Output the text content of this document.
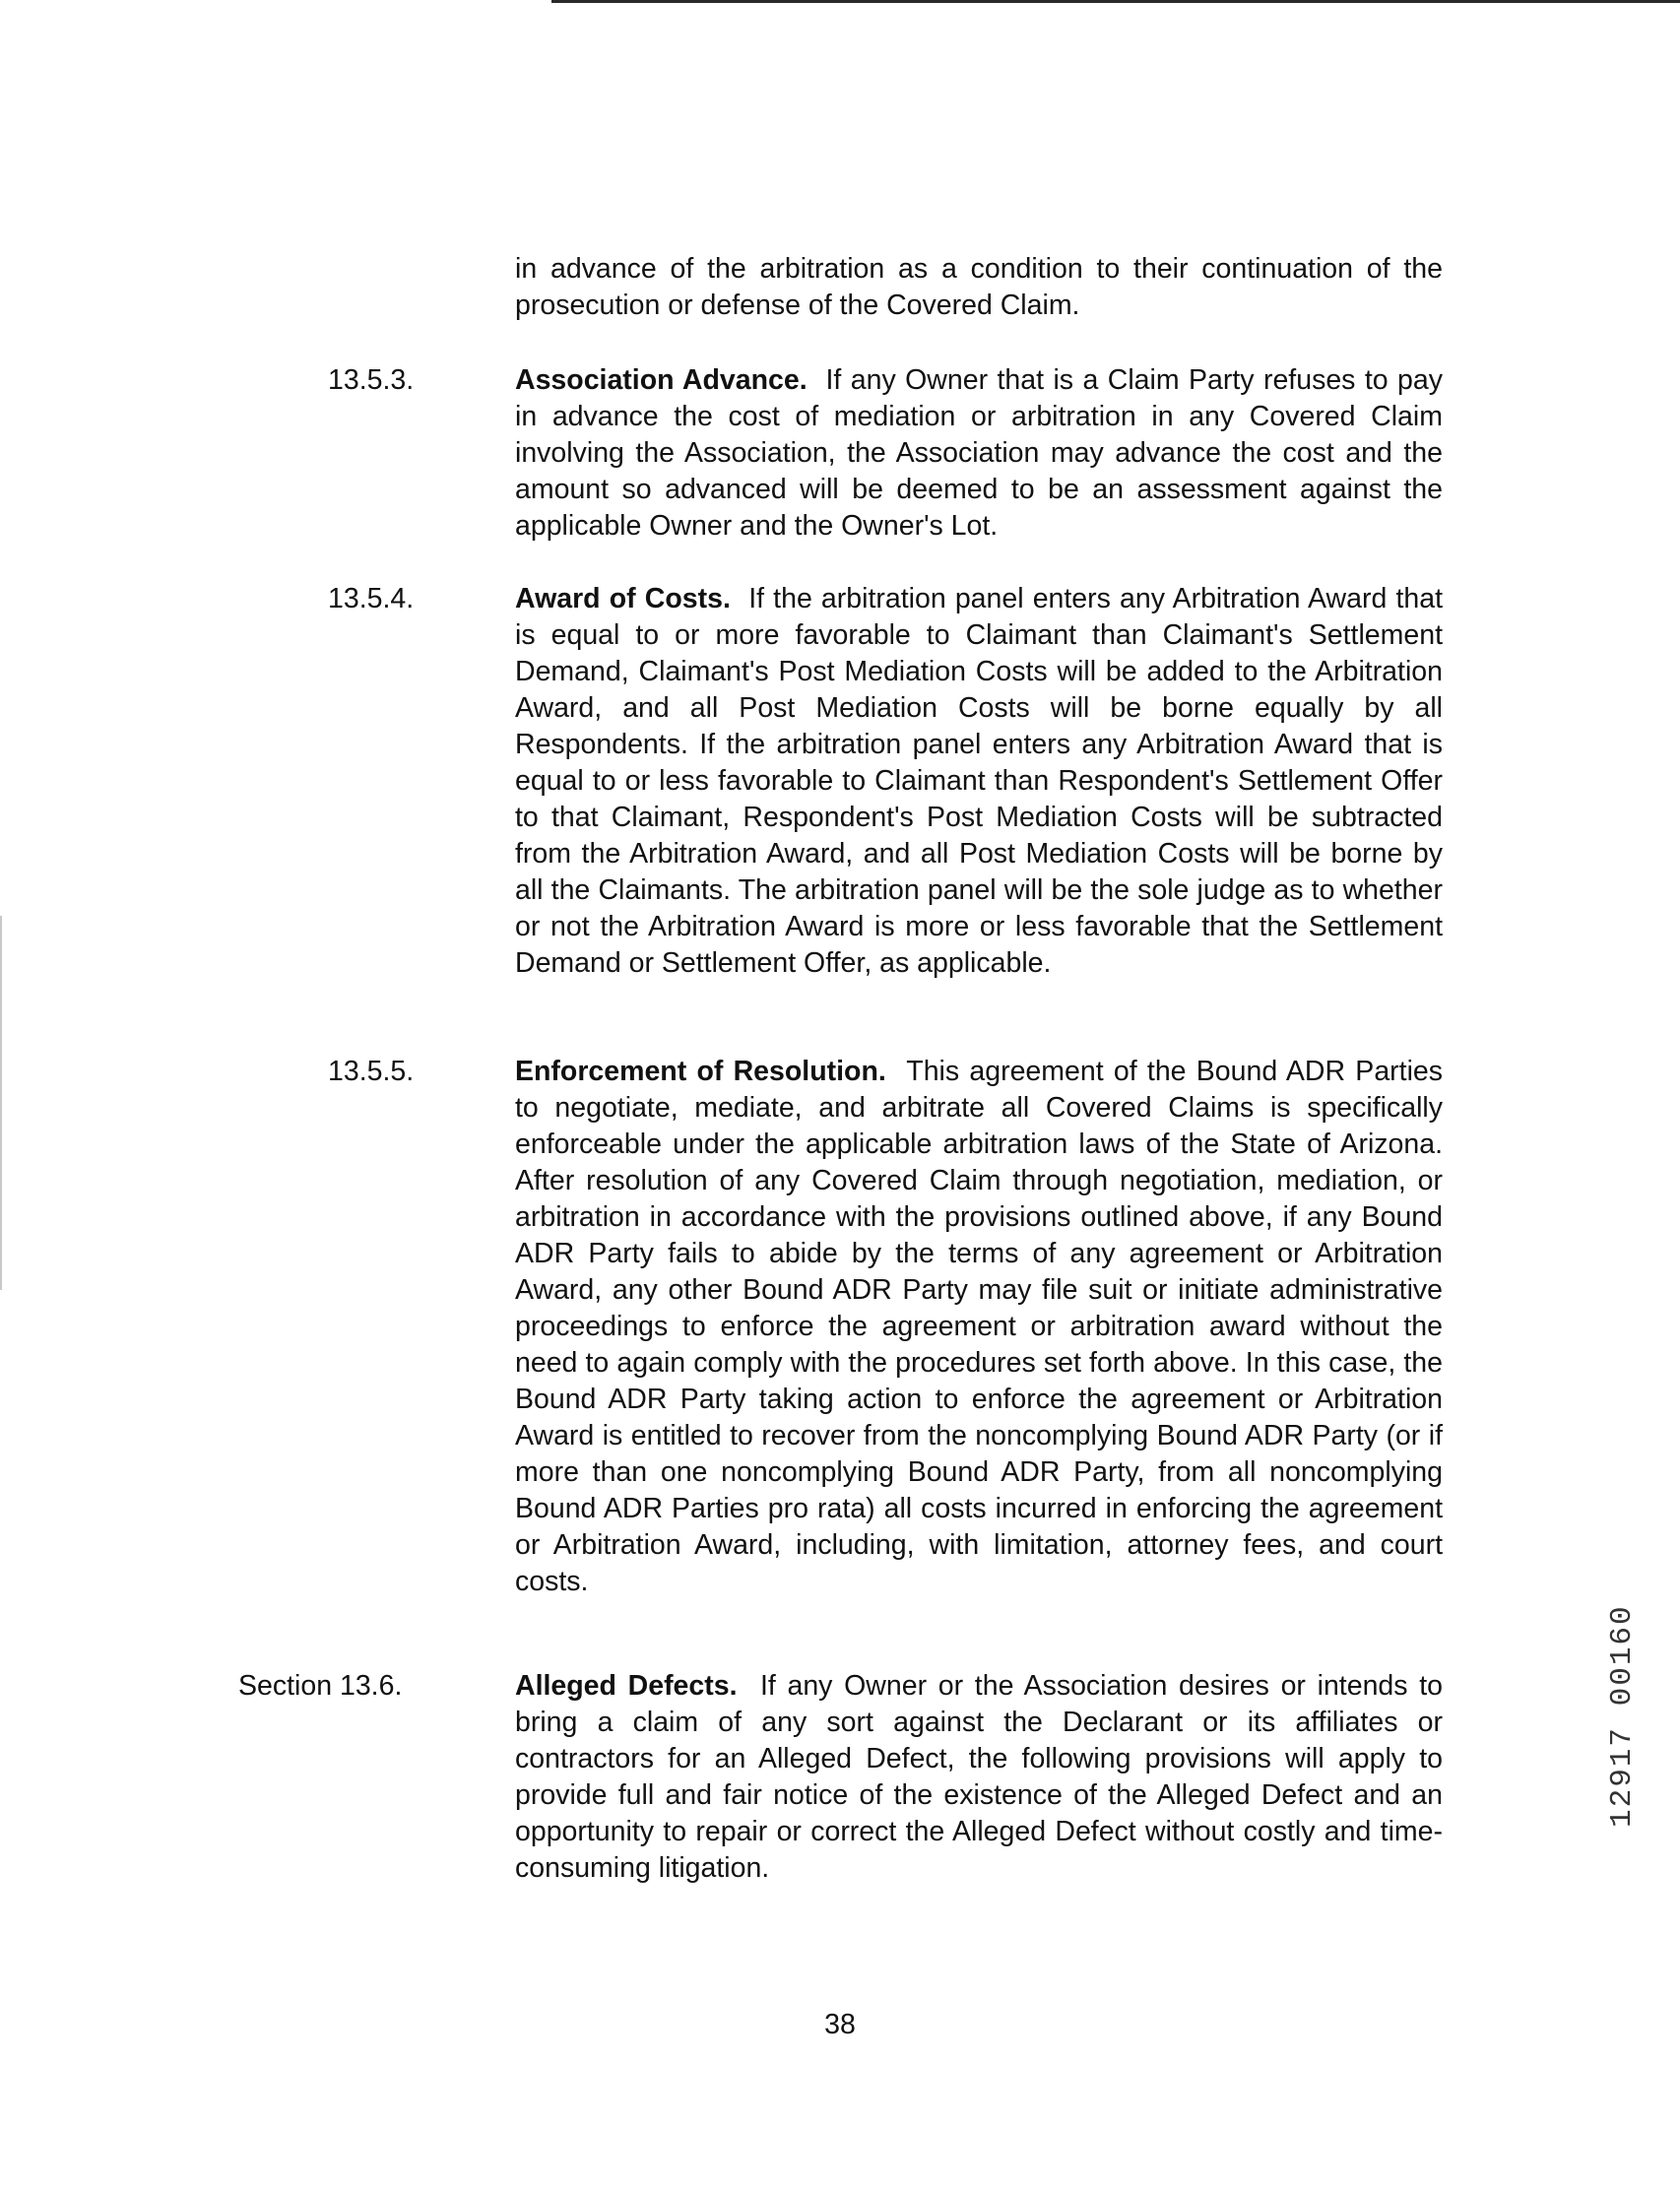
in advance of the arbitration as a condition to their continuation of the prosecution or defense of the Covered Claim.

13.5.3.	Association Advance.  If any Owner that is a Claim Party refuses to pay in advance the cost of mediation or arbitration in any Covered Claim involving the Association, the Association may advance the cost and the amount so advanced will be deemed to be an assessment against the applicable Owner and the Owner's Lot.

13.5.4.	Award of Costs.  If the arbitration panel enters any Arbitration Award that is equal to or more favorable to Claimant than Claimant's Settlement Demand, Claimant's Post Mediation Costs will be added to the Arbitration Award, and all Post Mediation Costs will be borne equally by all Respondents. If the arbitration panel enters any Arbitration Award that is equal to or less favorable to Claimant than Respondent's Settlement Offer to that Claimant, Respondent's Post Mediation Costs will be subtracted from the Arbitration Award, and all Post Mediation Costs will be borne by all the Claimants. The arbitration panel will be the sole judge as to whether or not the Arbitration Award is more or less favorable that the Settlement Demand or Settlement Offer, as applicable.

13.5.5.	Enforcement of Resolution.  This agreement of the Bound ADR Parties to negotiate, mediate, and arbitrate all Covered Claims is specifically enforceable under the applicable arbitration laws of the State of Arizona. After resolution of any Covered Claim through negotiation, mediation, or arbitration in accordance with the provisions outlined above, if any Bound ADR Party fails to abide by the terms of any agreement or Arbitration Award, any other Bound ADR Party may file suit or initiate administrative proceedings to enforce the agreement or arbitration award without the need to again comply with the procedures set forth above. In this case, the Bound ADR Party taking action to enforce the agreement or Arbitration Award is entitled to recover from the noncomplying Bound ADR Party (or if more than one noncomplying Bound ADR Party, from all noncomplying Bound ADR Parties pro rata) all costs incurred in enforcing the agreement or Arbitration Award, including, with limitation, attorney fees, and court costs.

Section 13.6.	Alleged Defects.  If any Owner or the Association desires or intends to bring a claim of any sort against the Declarant or its affiliates or contractors for an Alleged Defect, the following provisions will apply to provide full and fair notice of the existence of the Alleged Defect and an opportunity to repair or correct the Alleged Defect without costly and time-consuming litigation.

12917 00160
38
